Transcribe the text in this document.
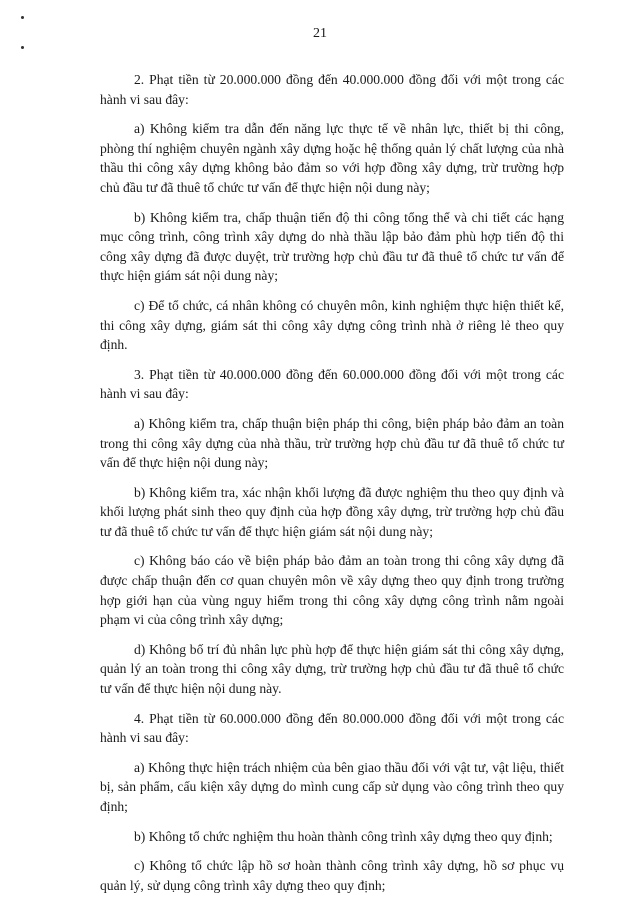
21

2. Phạt tiền từ 20.000.000 đồng đến 40.000.000 đồng đối với một trong các hành vi sau đây:

a) Không kiểm tra dẫn đến năng lực thực tế về nhân lực, thiết bị thi công, phòng thí nghiệm chuyên ngành xây dựng hoặc hệ thống quản lý chất lượng của nhà thầu thi công xây dựng không bảo đảm so với hợp đồng xây dựng, trừ trường hợp chủ đầu tư đã thuê tổ chức tư vấn để thực hiện nội dung này;

b) Không kiểm tra, chấp thuận tiến độ thi công tổng thể và chi tiết các hạng mục công trình, công trình xây dựng do nhà thầu lập bảo đảm phù hợp tiến độ thi công xây dựng đã được duyệt, trừ trường hợp chủ đầu tư đã thuê tổ chức tư vấn để thực hiện giám sát nội dung này;

c) Để tổ chức, cá nhân không có chuyên môn, kinh nghiệm thực hiện thiết kế, thi công xây dựng, giám sát thi công xây dựng công trình nhà ở riêng lẻ theo quy định.

3. Phạt tiền từ 40.000.000 đồng đến 60.000.000 đồng đối với một trong các hành vi sau đây:

a) Không kiểm tra, chấp thuận biện pháp thi công, biện pháp bảo đảm an toàn trong thi công xây dựng của nhà thầu, trừ trường hợp chủ đầu tư đã thuê tổ chức tư vấn để thực hiện nội dung này;

b) Không kiểm tra, xác nhận khối lượng đã được nghiệm thu theo quy định và khối lượng phát sinh theo quy định của hợp đồng xây dựng, trừ trường hợp chủ đầu tư đã thuê tổ chức tư vấn để thực hiện giám sát nội dung này;

c) Không báo cáo về biện pháp bảo đảm an toàn trong thi công xây dựng đã được chấp thuận đến cơ quan chuyên môn về xây dựng theo quy định trong trường hợp giới hạn của vùng nguy hiểm trong thi công xây dựng công trình nằm ngoài phạm vi của công trình xây dựng;

d) Không bố trí đủ nhân lực phù hợp để thực hiện giám sát thi công xây dựng, quản lý an toàn trong thi công xây dựng, trừ trường hợp chủ đầu tư đã thuê tổ chức tư vấn để thực hiện nội dung này.

4. Phạt tiền từ 60.000.000 đồng đến 80.000.000 đồng đối với một trong các hành vi sau đây:

a) Không thực hiện trách nhiệm của bên giao thầu đối với vật tư, vật liệu, thiết bị, sản phẩm, cấu kiện xây dựng do mình cung cấp sử dụng vào công trình theo quy định;

b) Không tổ chức nghiệm thu hoàn thành công trình xây dựng theo quy định;

c) Không tổ chức lập hồ sơ hoàn thành công trình xây dựng, hồ sơ phục vụ quản lý, sử dụng công trình xây dựng theo quy định;
